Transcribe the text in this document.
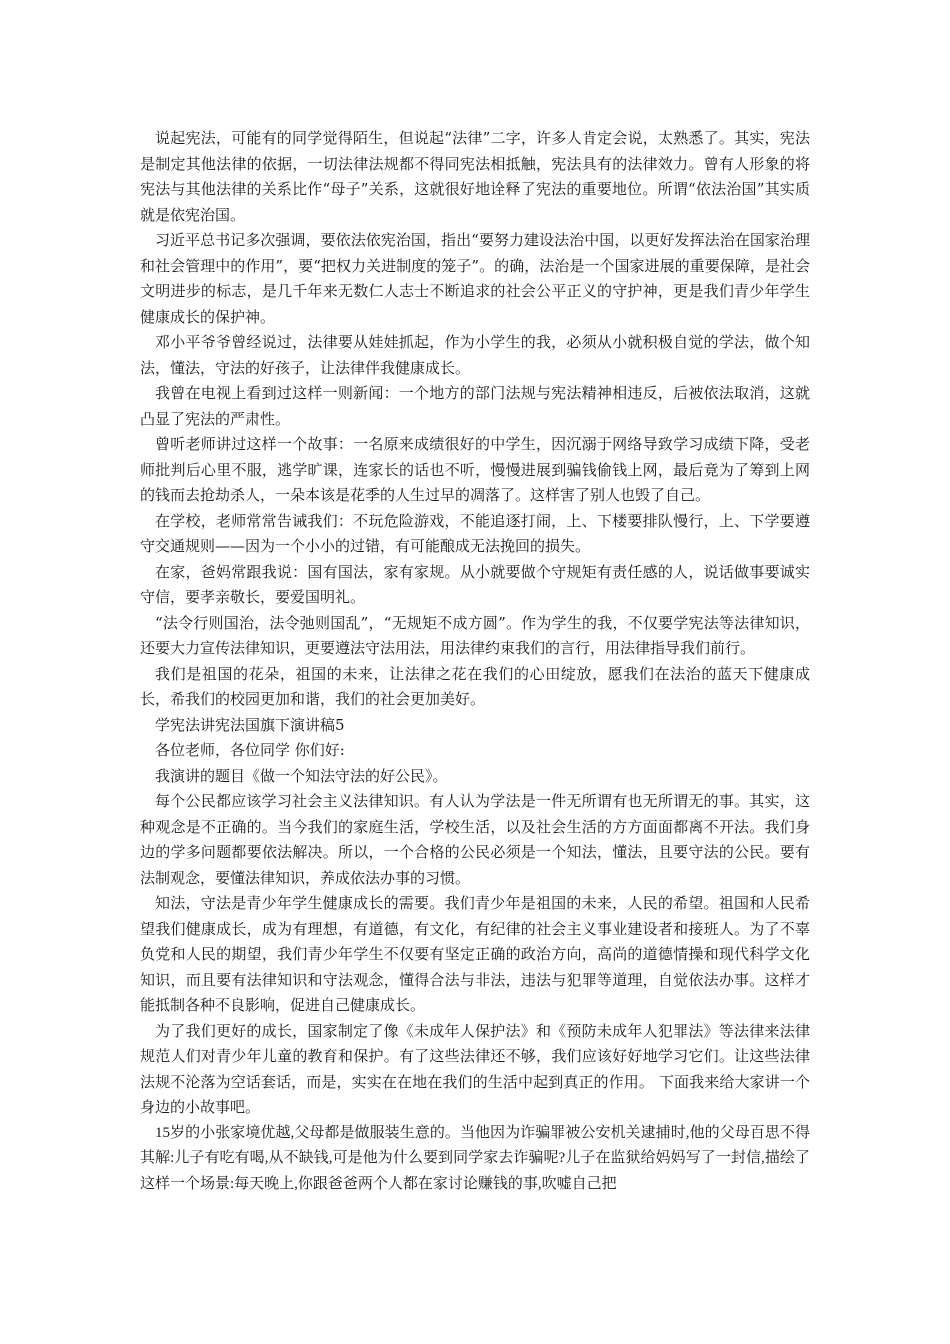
说起宪法，可能有的同学觉得陌生，但说起“法律”二字，许多人肯定会说，太熟悉了。其实，宪法是制定其他法律的依据，一切法律法规都不得同宪法相抵触，宪法具有的法律效力。曾有人形象的将宪法与其他法律的关系比作“母子”关系，这就很好地诠释了宪法的重要地位。所谓“依法治国”其实质就是依宪治国。

习近平总书记多次强调，要依法依宪治国，指出“要努力建设法治中国，以更好发挥法治在国家治理和社会管理中的作用”，要“把权力关进制度的笼子”。的确，法治是一个国家进展的重要保障，是社会文明进步的标志，是几千年来无数仁人志士不断追求的社会公平正义的守护神，更是我们青少年学生健康成长的保护神。

邓小平爷爷曾经说过，法律要从娃娃抓起，作为小学生的我，必须从小就积极自觉的学法，做个知法，懂法，守法的好孩子，让法律伴我健康成长。

我曾在电视上看到过这样一则新闻：一个地方的部门法规与宪法精神相违反，后被依法取消，这就凸显了宪法的严肃性。

曾听老师讲过这样一个故事：一名原来成绩很好的中学生，因沉溺于网络导致学习成绩下降，受老师批判后心里不服，逃学旷课，连家长的话也不听，慢慢进展到骗钱偷钱上网，最后竟为了筹到上网的钱而去抢劫杀人，一朵本该是花季的人生过早的凋落了。这样害了别人也毁了自己。

在学校，老师常常告诫我们：不玩危险游戏，不能追逐打闹，上、下楼要排队慢行，上、下学要遵守交通规则——因为一个小小的过错，有可能酿成无法挽回的损失。

在家，爸妈常跟我说：国有国法，家有家规。从小就要做个守规矩有责任感的人，说话做事要诚实守信，要孝亲敬长，要爱国明礼。

“法令行则国治，法令弛则国乱”，“无规矩不成方圆”。作为学生的我，不仅要学宪法等法律知识，还要大力宣传法律知识，更要遵法守法用法，用法律约束我们的言行，用法律指导我们前行。

我们是祖国的花朵，祖国的未来，让法律之花在我们的心田绽放，愿我们在法治的蓝天下健康成长，希我们的校园更加和谐，我们的社会更加美好。

学宪法讲宪法国旗下演讲稿5

各位老师，各位同学 你们好:

我演讲的题目《做一个知法守法的好公民》。

每个公民都应该学习社会主义法律知识。有人认为学法是一件无所谓有也无所谓无的事。其实，这种观念是不正确的。当今我们的家庭生活，学校生活，以及社会生活的方方面面都离不开法。我们身边的学多问题都要依法解决。所以，一个合格的公民必须是一个知法，懂法，且要守法的公民。要有法制观念，要懂法律知识，养成依法办事的习惯。

知法，守法是青少年学生健康成长的需要。我们青少年是祖国的未来，人民的希望。祖国和人民希望我们健康成长，成为有理想，有道德，有文化，有纪律的社会主义事业建设者和接班人。为了不辜负党和人民的期望，我们青少年学生不仅要有坚定正确的政治方向，高尚的道德情操和现代科学文化知识，而且要有法律知识和守法观念，懂得合法与非法，违法与犯罪等道理，自觉依法办事。这样才能抵制各种不良影响，促进自己健康成长。

为了我们更好的成长，国家制定了像《未成年人保护法》和《预防未成年人犯罪法》等法律来法律规范人们对青少年儿童的教育和保护。有了这些法律还不够，我们应该好好地学习它们。让这些法律法规不沦落为空话套话，而是，实实在在地在我们的生活中起到真正的作用。 下面我来给大家讲一个身边的小故事吧。

15岁的小张家境优越,父母都是做服装生意的。当他因为诈骗罪被公安机关逮捕时,他的父母百思不得其解:儿子有吃有喝,从不缺钱,可是他为什么要到同学家去诈骗呢?儿子在监狱给妈妈写了一封信,描绘了这样一个场景:每天晚上,你跟爸爸两个人都在家讨论赚钱的事,吹嘘自己把
